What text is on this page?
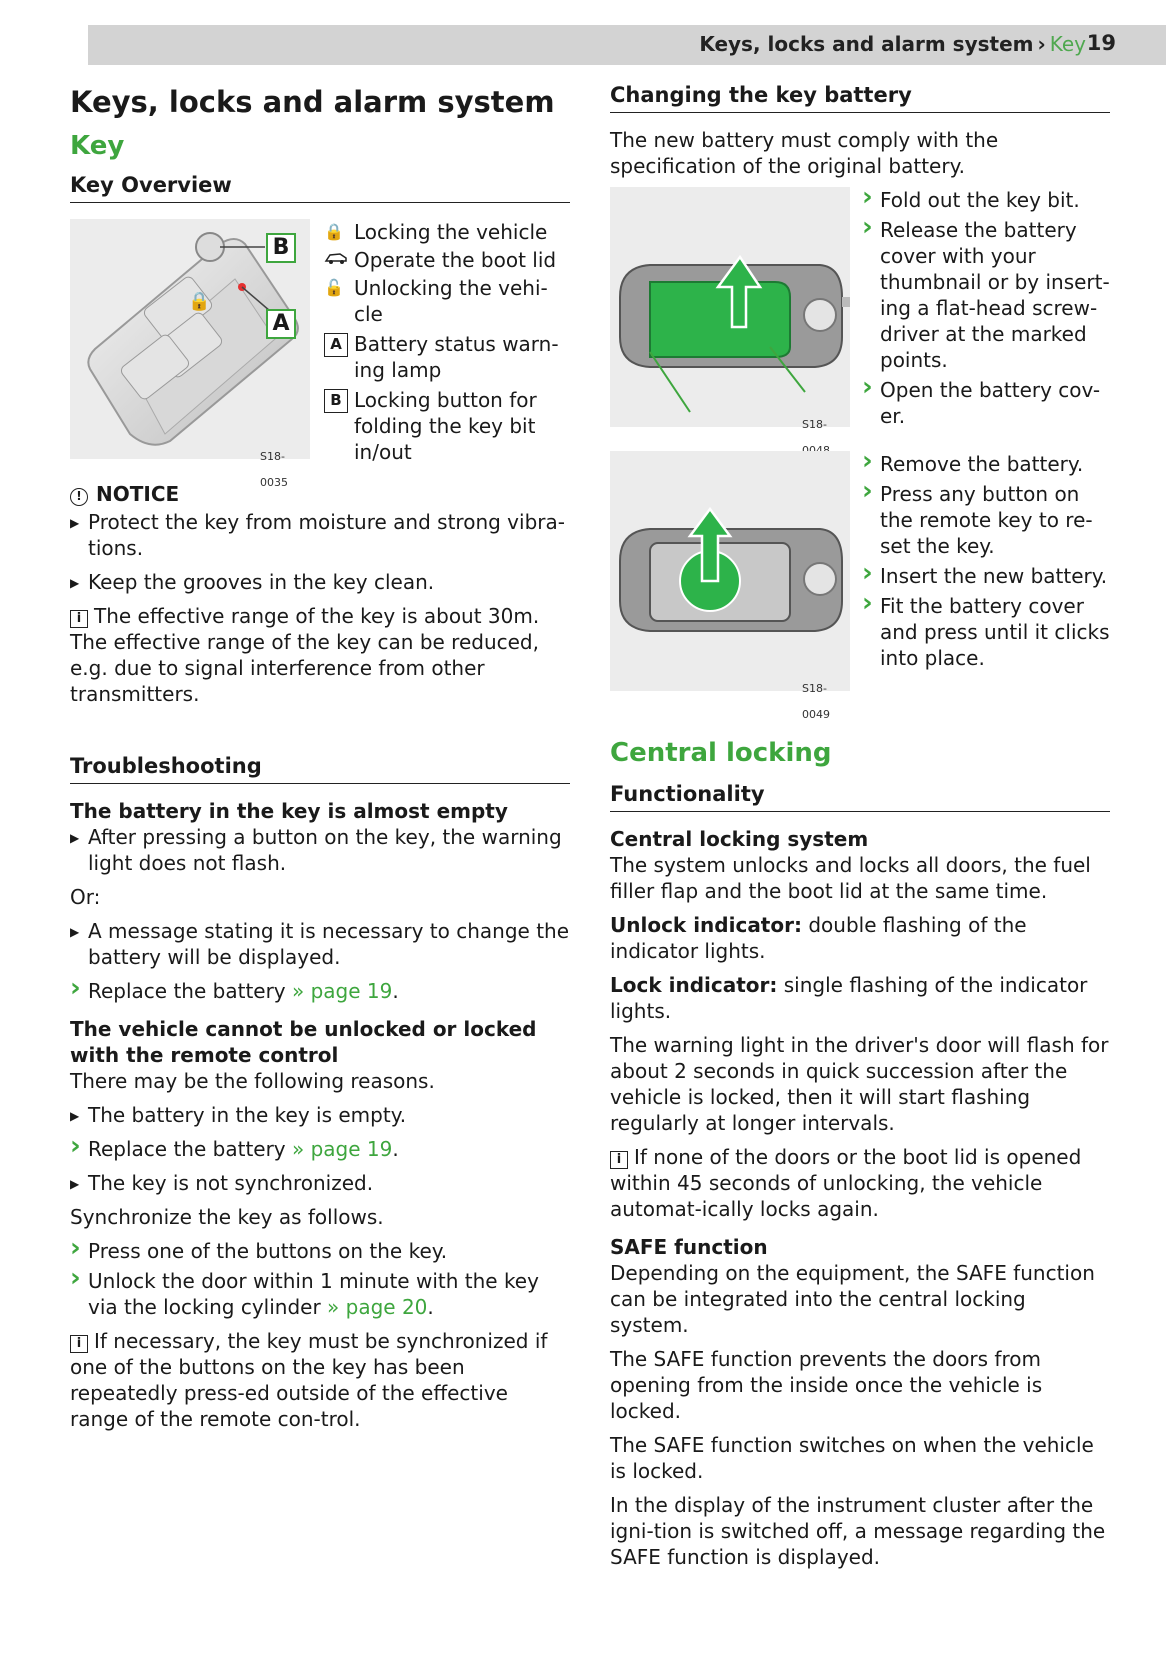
Keys, locks and alarm system › Key 19
Keys, locks and alarm system
Key
Key Overview
🔒
B
A
S18-0035
🔒 Locking the vehicle
Operate the boot lid
🔓 Unlocking the vehi-
cle
A Battery status warn-
ing lamp
B Locking button for
folding the key bit
in/out
! NOTICE
▶ Protect the key from moisture and strong vibra-
tions.
▶ Keep the grooves in the key clean.

i The effective range of the key is about 30m. The effective range of the key can be reduced, e.g. due to signal interference from other transmitters.

Troubleshooting
The battery in the key is almost empty
▶ After pressing a button on the key, the warning light does not flash.

Or:

▶ A message stating it is necessary to change the battery will be displayed.
› Replace the battery » page 19.
The vehicle cannot be unlocked or locked with the remote control

There may be the following reasons.

▶ The battery in the key is empty.
› Replace the battery » page 19.
▶ The key is not synchronized.

Synchronize the key as follows.

› Press one of the buttons on the key.
› Unlock the door within 1 minute with the key via the locking cylinder » page 20.

i If necessary, the key must be synchronized if one of the buttons on the key has been repeatedly press-ed outside of the effective range of the remote con-trol.

Changing the key battery

The new battery must comply with the specification of the original battery.

S18-
› Fold out the key bit.
› Release the battery cover with your thumbnail or by insert-ing a flat-head screw-driver at the marked points.
› Open the battery cov-er.
S18-0049
› Remove the battery.
› Press any button on the remote key to re-set the key.
› Insert the new battery.
› Fit the battery cover and press until it clicks into place.
Central locking
Functionality
Central locking system

The system unlocks and locks all doors, the fuel filler flap and the boot lid at the same time.

Unlock indicator: double flashing of the indicator lights.

Lock indicator: single flashing of the indicator lights.

The warning light in the driver's door will flash for about 2 seconds in quick succession after the vehicle is locked, then it will start flashing regularly at longer intervals.

i If none of the doors or the boot lid is opened within 45 seconds of unlocking, the vehicle automat-ically locks again.

SAFE function

Depending on the equipment, the SAFE function can be integrated into the central locking system.

The SAFE function prevents the doors from opening from the inside once the vehicle is locked.

The SAFE function switches on when the vehicle is locked.

In the display of the instrument cluster after the igni-tion is switched off, a message regarding the SAFE function is displayed.
